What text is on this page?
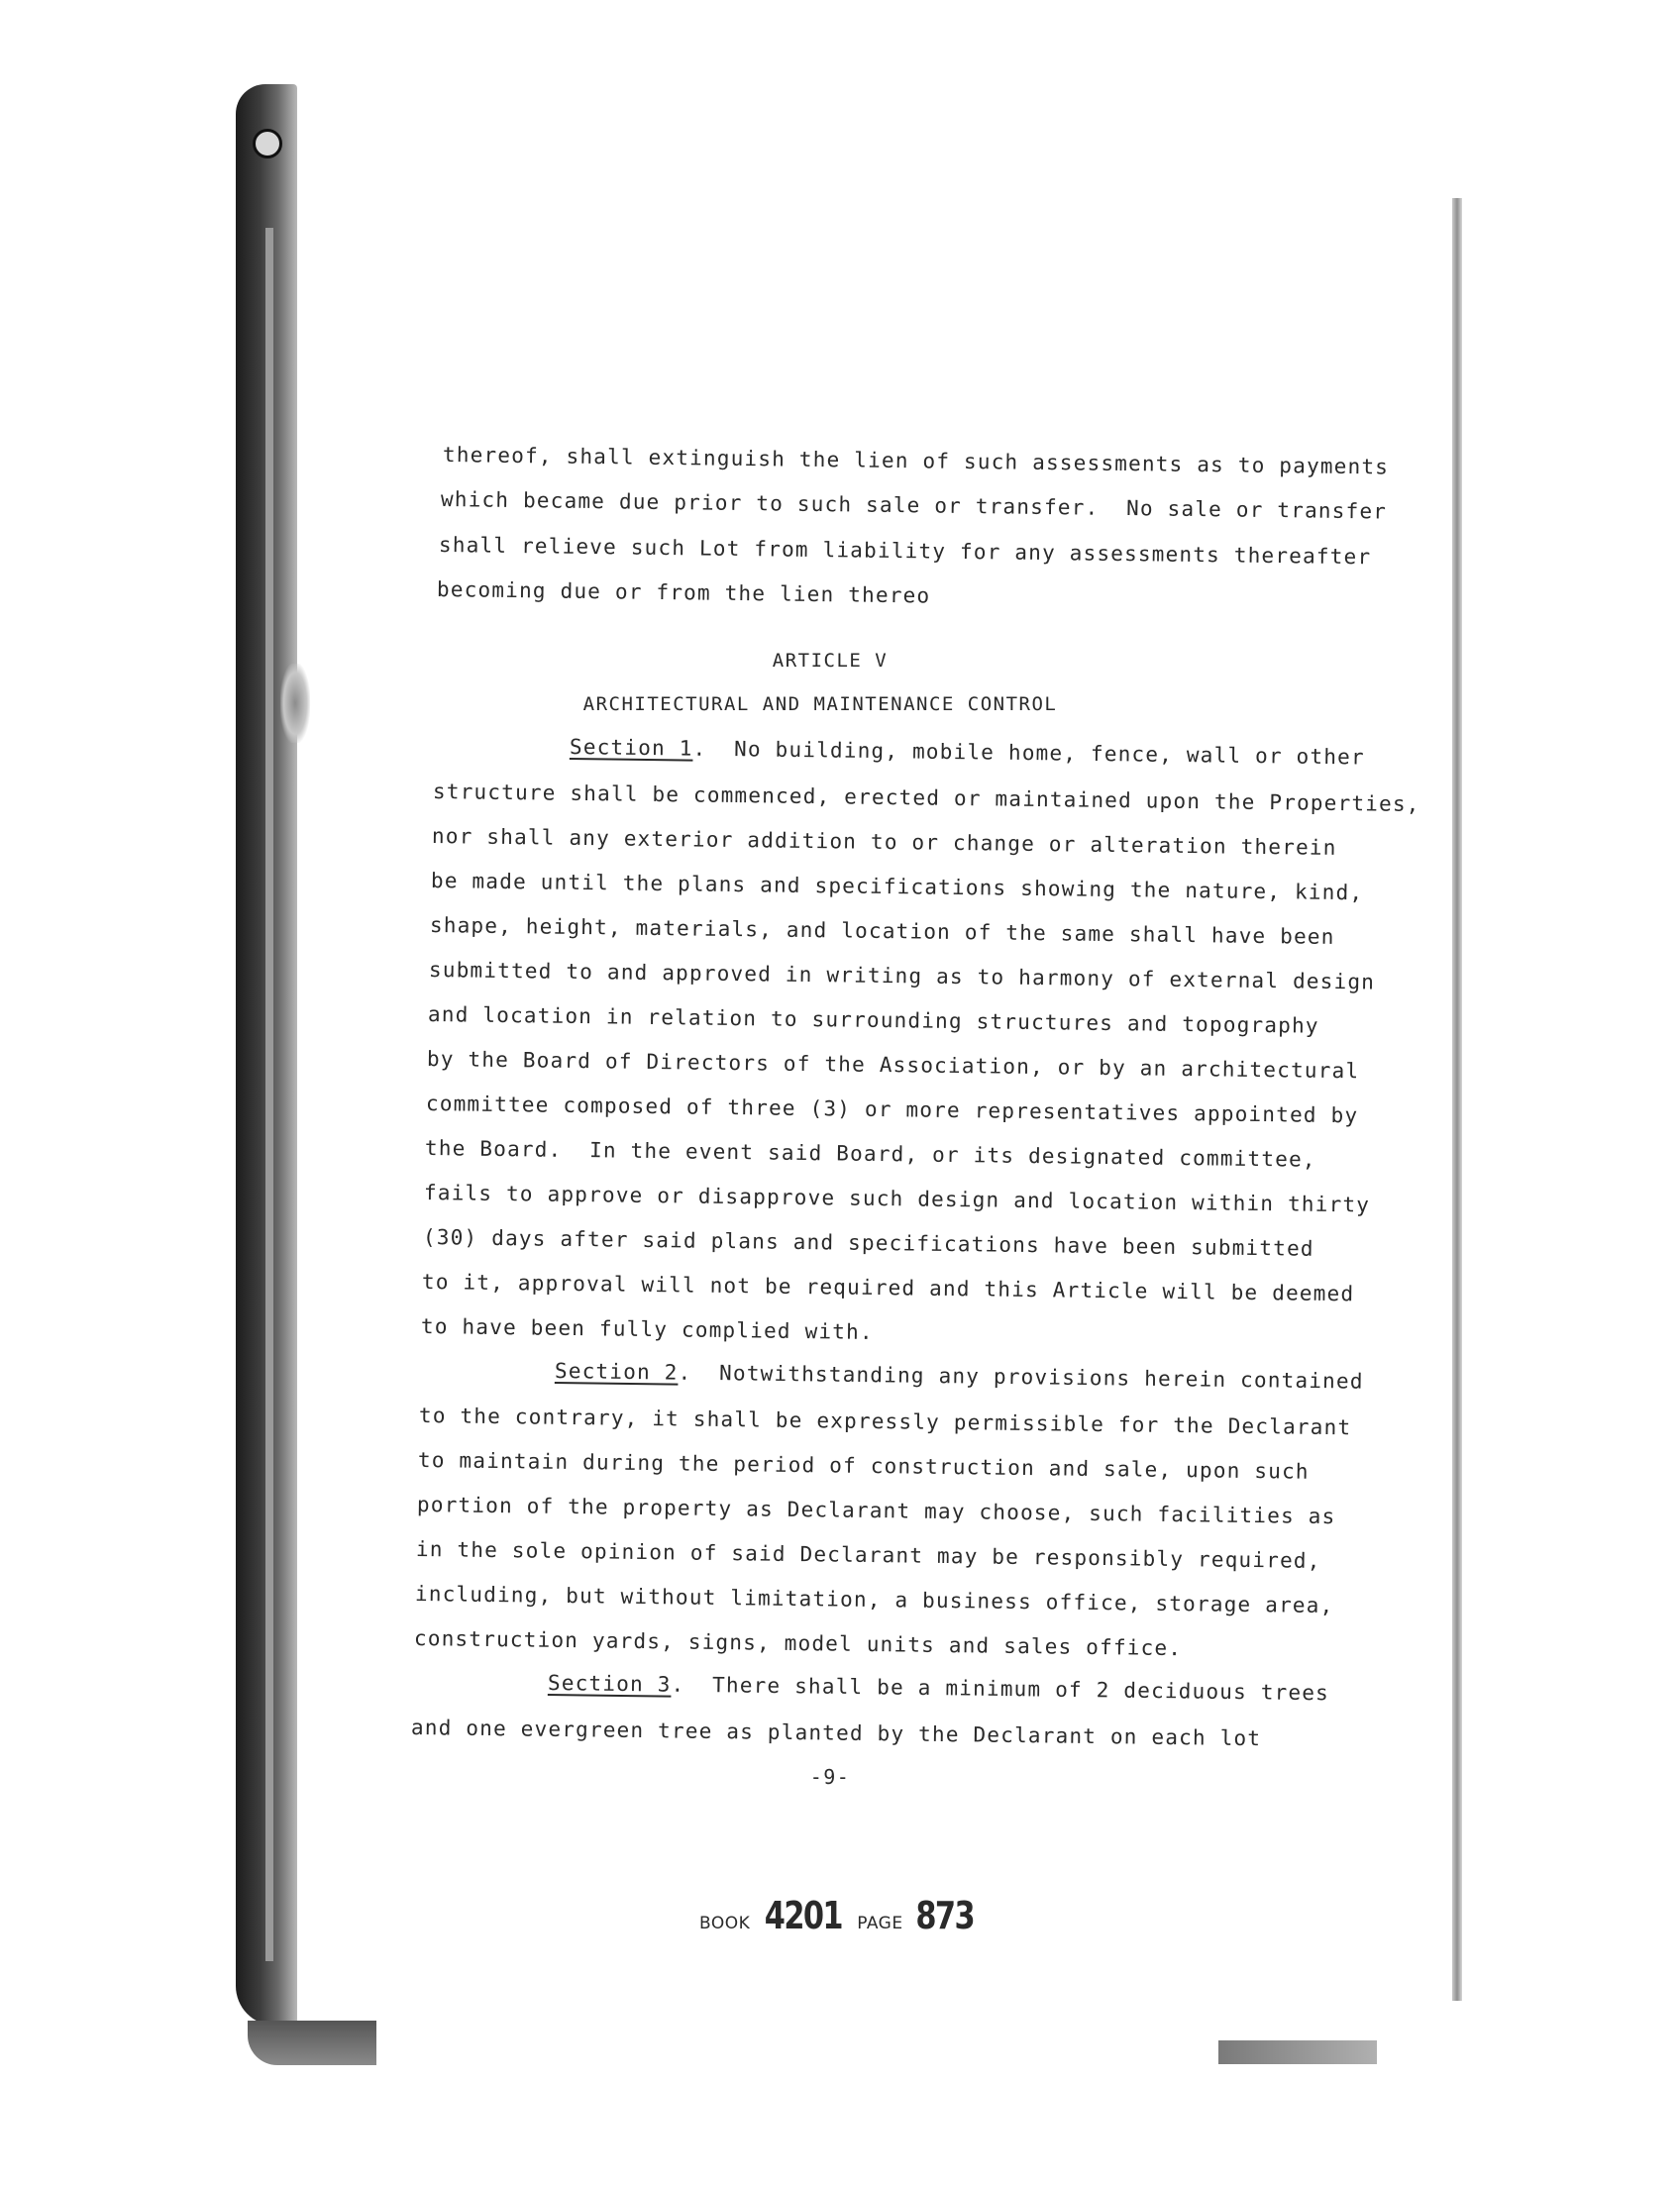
thereof, shall extinguish the lien of such assessments as to payments
which became due prior to such sale or transfer.  No sale or transfer
shall relieve such Lot from liability for any assessments thereafter
becoming due or from the lien thereo
ARTICLE V
ARCHITECTURAL AND MAINTENANCE CONTROL
Section 1.  No building, mobile home, fence, wall or other
structure shall be commenced, erected or maintained upon the Properties,
nor shall any exterior addition to or change or alteration therein
be made until the plans and specifications showing the nature, kind,
shape, height, materials, and location of the same shall have been
submitted to and approved in writing as to harmony of external design
and location in relation to surrounding structures and topography
by the Board of Directors of the Association, or by an architectural
committee composed of three (3) or more representatives appointed by
the Board.  In the event said Board, or its designated committee,
fails to approve or disapprove such design and location within thirty
(30) days after said plans and specifications have been submitted
to it, approval will not be required and this Article will be deemed
to have been fully complied with.
Section 2.  Notwithstanding any provisions herein contained
to the contrary, it shall be expressly permissible for the Declarant
to maintain during the period of construction and sale, upon such
portion of the property as Declarant may choose, such facilities as
in the sole opinion of said Declarant may be responsibly required,
including, but without limitation, a business office, storage area,
construction yards, signs, model units and sales office.
Section 3.  There shall be a minimum of 2 deciduous trees
and one evergreen tree as planted by the Declarant on each lot
-9-
BOOK 4201 PAGE 873
